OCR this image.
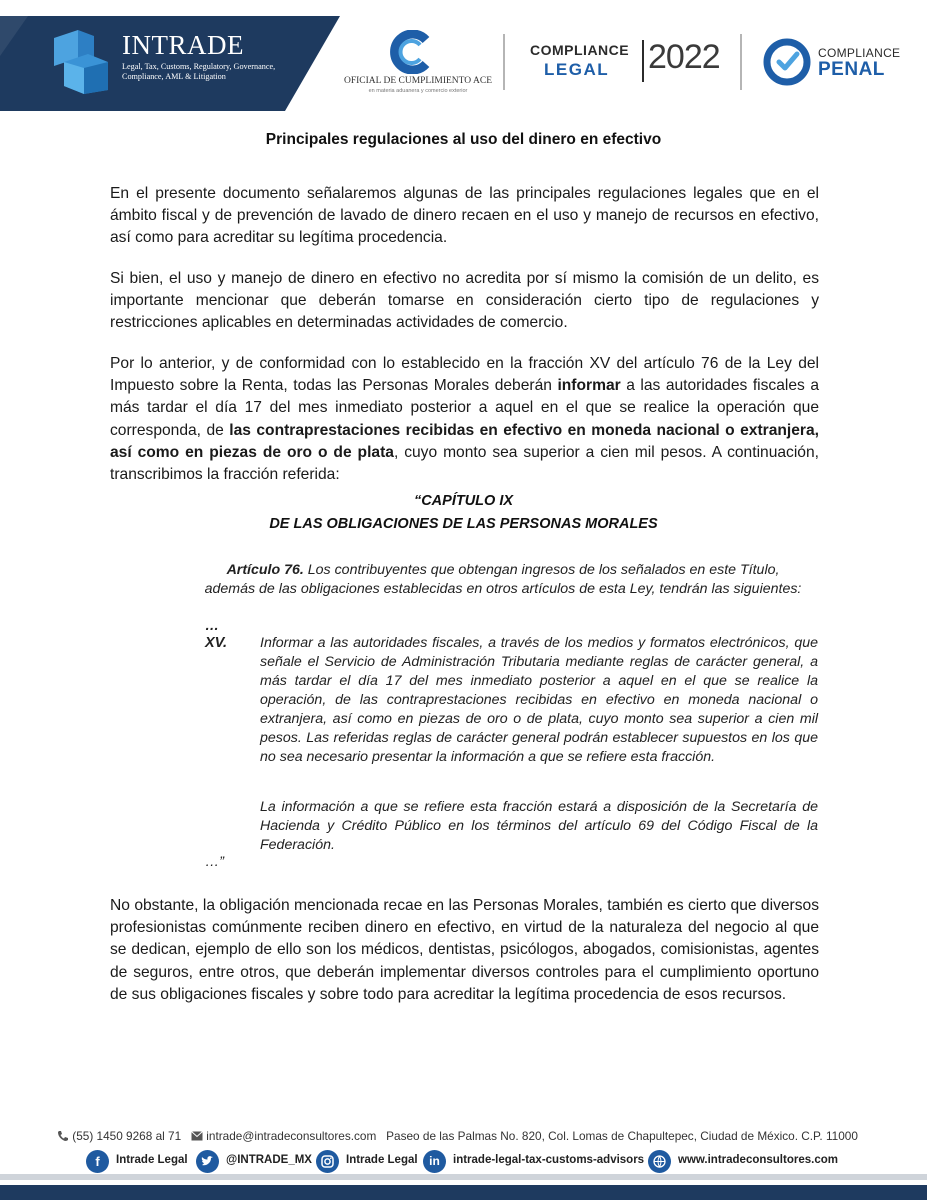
INTRADE
Legal, Tax, Customs, Regulatory, Governance, Compliance, AML & Litigation	OFICIAL DE CUMPLIMIENTO ACE
en materia aduanera y comercio exterior
COMPLIANCE
LEGAL 2022	COMPLIANCE
PENAL
Principales regulaciones al uso del dinero en efectivo
En el presente documento señalaremos algunas de las principales regulaciones legales que en el ámbito fiscal y de prevención de lavado de dinero recaen en el uso y manejo de recursos en efectivo, así como para acreditar su legítima procedencia.
Si bien, el uso y manejo de dinero en efectivo no acredita por sí mismo la comisión de un delito, es importante mencionar que deberán tomarse en consideración cierto tipo de regulaciones y restricciones aplicables en determinadas actividades de comercio.
Por lo anterior, y de conformidad con lo establecido en la fracción XV del artículo 76 de la Ley del Impuesto sobre la Renta, todas las Personas Morales deberán informar a las autoridades fiscales a más tardar el día 17 del mes inmediato posterior a aquel en el que se realice la operación que corresponda, de las contraprestaciones recibidas en efectivo en moneda nacional o extranjera, así como en piezas de oro o de plata, cuyo monto sea superior a cien mil pesos. A continuación, transcribimos la fracción referida:
“CAPÍTULO IX
DE LAS OBLIGACIONES DE LAS PERSONAS MORALES
Artículo 76. Los contribuyentes que obtengan ingresos de los señalados en este Título, además de las obligaciones establecidas en otros artículos de esta Ley, tendrán las siguientes:
…
XV. Informar a las autoridades fiscales, a través de los medios y formatos electrónicos, que señale el Servicio de Administración Tributaria mediante reglas de carácter general, a más tardar el día 17 del mes inmediato posterior a aquel en el que se realice la operación, de las contraprestaciones recibidas en efectivo en moneda nacional o extranjera, así como en piezas de oro o de plata, cuyo monto sea superior a cien mil pesos. Las referidas reglas de carácter general podrán establecer supuestos en los que no sea necesario presentar la información a que se refiere esta fracción.
La información a que se refiere esta fracción estará a disposición de la Secretaría de Hacienda y Crédito Público en los términos del artículo 69 del Código Fiscal de la Federación.
…”
No obstante, la obligación mencionada recae en las Personas Morales, también es cierto que diversos profesionistas comúnmente reciben dinero en efectivo, en virtud de la naturaleza del negocio al que se dedican, ejemplo de ello son los médicos, dentistas, psicólogos, abogados, comisionistas, agentes de seguros, entre otros, que deberán implementar diversos controles para el cumplimiento oportuno de sus obligaciones fiscales y sobre todo para acreditar la legítima procedencia de esos recursos.
(55) 1450 9268 al 71 intrade@intradeconsultores.com Paseo de las Palmas No. 820, Col. Lomas de Chapultepec, Ciudad de México. C.P. 11000
f	Intrade Legal	@INTRADE_MX	Intrade Legal in	intrade-legal-tax-customs-advisors	www.intradeconsultores.com
